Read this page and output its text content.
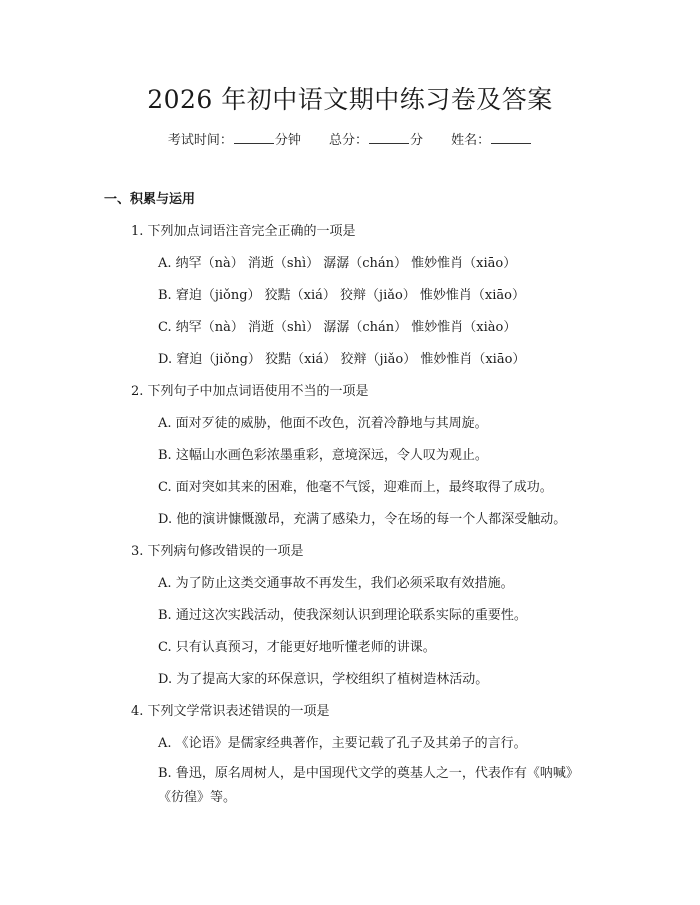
2026 年初中语文期中练习卷及答案
考试时间：	分钟 总分：	分 姓名：
一、积累与运用
1. 下列加点词语注音完全正确的一项是
A. 纳罕（nà） 消逝（shì） 潺潺（chán） 惟妙惟肖（xiāo）
B. 窘迫（jiǒng） 狡黠（xiá） 狡辩（jiǎo） 惟妙惟肖（xiāo）
C. 纳罕（nà） 消逝（shì） 潺潺（chán） 惟妙惟肖（xiào）
D. 窘迫（jiǒng） 狡黠（xiá） 狡辩（jiǎo） 惟妙惟肖（xiāo）
2. 下列句子中加点词语使用不当的一项是
A. 面对歹徒的威胁，他面不改色，沉着冷静地与其周旋。
B. 这幅山水画色彩浓墨重彩，意境深远，令人叹为观止。
C. 面对突如其来的困难，他毫不气馁，迎难而上，最终取得了成功。
D. 他的演讲慷慨激昂，充满了感染力，令在场的每一个人都深受触动。
3. 下列病句修改错误的一项是
A. 为了防止这类交通事故不再发生，我们必须采取有效措施。
B. 通过这次实践活动，使我深刻认识到理论联系实际的重要性。
C. 只有认真预习，才能更好地听懂老师的讲课。
D. 为了提高大家的环保意识，学校组织了植树造林活动。
4. 下列文学常识表述错误的一项是
A. 《论语》是儒家经典著作，主要记载了孔子及其弟子的言行。
B. 鲁迅，原名周树人，是中国现代文学的奠基人之一，代表作有《呐喊》《彷徨》等。
